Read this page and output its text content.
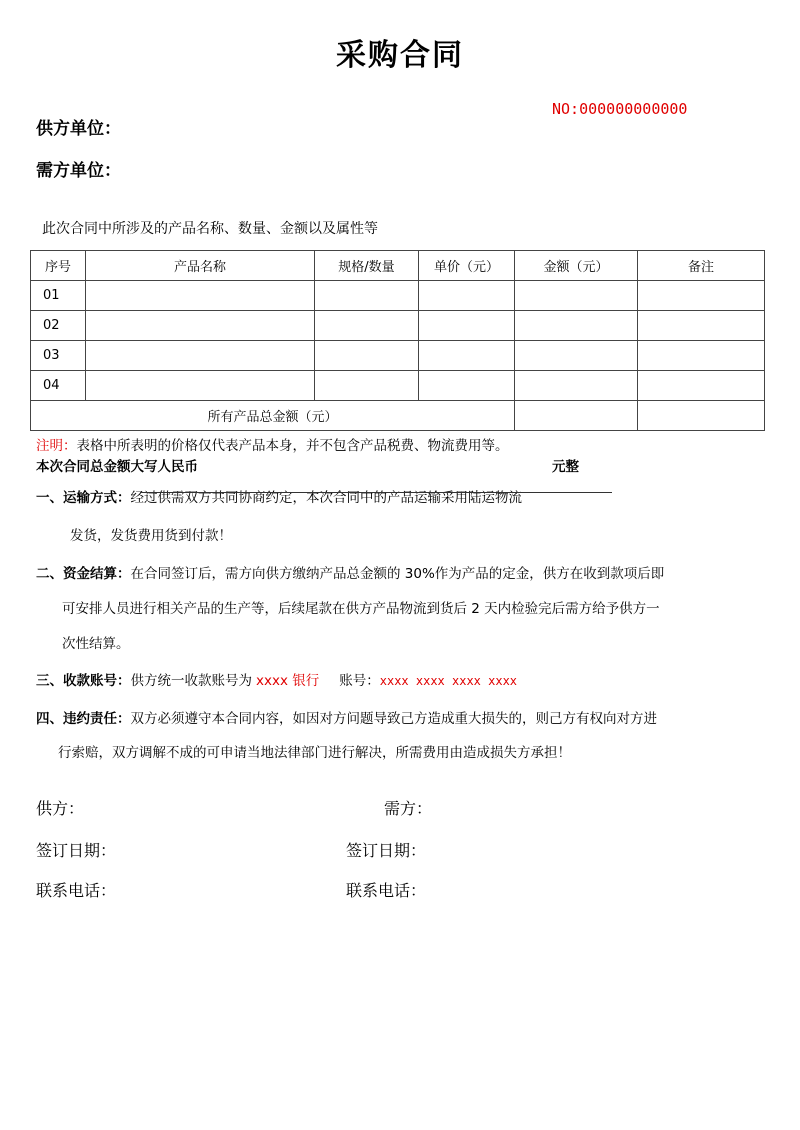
采购合同
NO:000000000000
供方单位：
需方单位：
此次合同中所涉及的产品名称、数量、金额以及属性等
序号	产品名称	规格/数量	单价（元）	金额（元）	备注
01					
02					
03					
04					
所有产品总金额（元）					
注明：表格中所表明的价格仅代表产品本身，并不包含产品税费、物流费用等。
本次合同总金额大写人民币	元整
一、运输方式：经过供需双方共同协商约定，本次合同中的产品运输采用陆运物流
发货，发货费用货到付款！
二、资金结算：在合同签订后，需方向供方缴纳产品总金额的 30%作为产品的定金，供方在收到款项后即
可安排人员进行相关产品的生产等，后续尾款在供方产品物流到货后 2 天内检验完后需方给予供方一
次性结算。
三、收款账号：供方统一收款账号为 xxxx 银行 账号：xxxx xxxx xxxx xxxx
四、违约责任：双方必须遵守本合同内容，如因对方问题导致己方造成重大损失的，则己方有权向对方进
行索赔，双方调解不成的可申请当地法律部门进行解决，所需费用由造成损失方承担！
供方：	需方：
签订日期：	签订日期：
联系电话：	联系电话：
